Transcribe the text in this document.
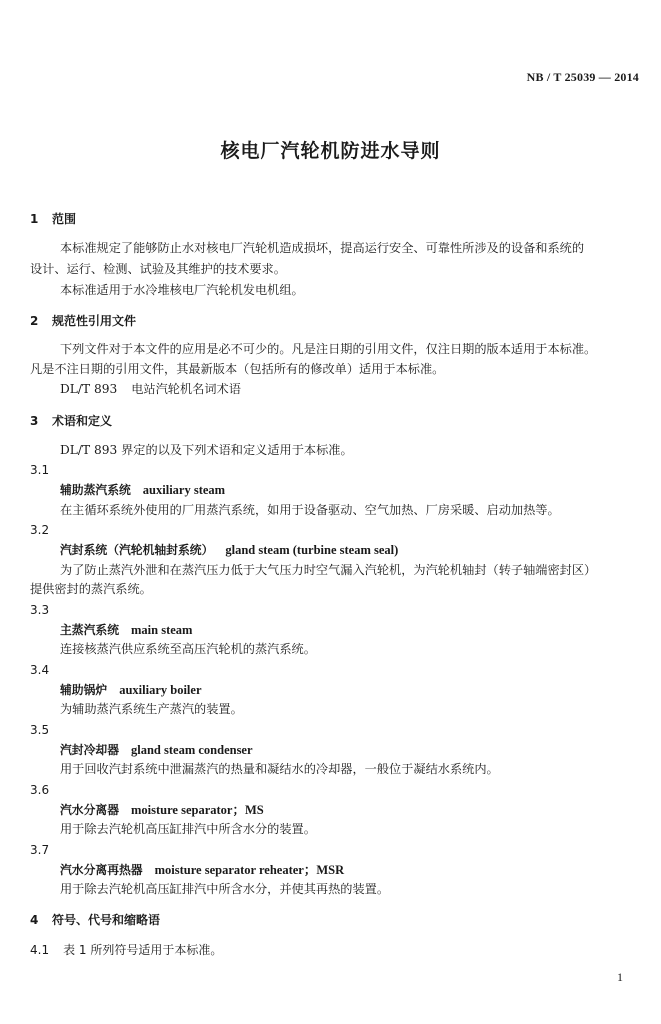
NB / T 25039 — 2014
核电厂汽轮机防进水导则
1 范围
本标准规定了能够防止水对核电厂汽轮机造成损坏，提高运行安全、可靠性所涉及的设备和系统的
设计、运行、检测、试验及其维护的技术要求。
本标准适用于水冷堆核电厂汽轮机发电机组。
2 规范性引用文件
下列文件对于本文件的应用是必不可少的。凡是注日期的引用文件，仅注日期的版本适用于本标准。
凡是不注日期的引用文件，其最新版本（包括所有的修改单）适用于本标准。
DL/T 893 电站汽轮机名词术语
3 术语和定义
DL/T 893 界定的以及下列术语和定义适用于本标准。
3.1
辅助蒸汽系统 auxiliary steam
在主循环系统外使用的厂用蒸汽系统，如用于设备驱动、空气加热、厂房采暖、启动加热等。
3.2
汽封系统（汽轮机轴封系统） gland steam (turbine steam seal)
为了防止蒸汽外泄和在蒸汽压力低于大气压力时空气漏入汽轮机，为汽轮机轴封（转子轴端密封区）
提供密封的蒸汽系统。
3.3
主蒸汽系统 main steam
连接核蒸汽供应系统至高压汽轮机的蒸汽系统。
3.4
辅助锅炉 auxiliary boiler
为辅助蒸汽系统生产蒸汽的装置。
3.5
汽封冷却器 gland steam condenser
用于回收汽封系统中泄漏蒸汽的热量和凝结水的冷却器，一般位于凝结水系统内。
3.6
汽水分离器 moisture separator；MS
用于除去汽轮机高压缸排汽中所含水分的装置。
3.7
汽水分离再热器 moisture separator reheater；MSR
用于除去汽轮机高压缸排汽中所含水分，并使其再热的装置。
4 符号、代号和缩略语
4.1 表 1 所列符号适用于本标准。
1
